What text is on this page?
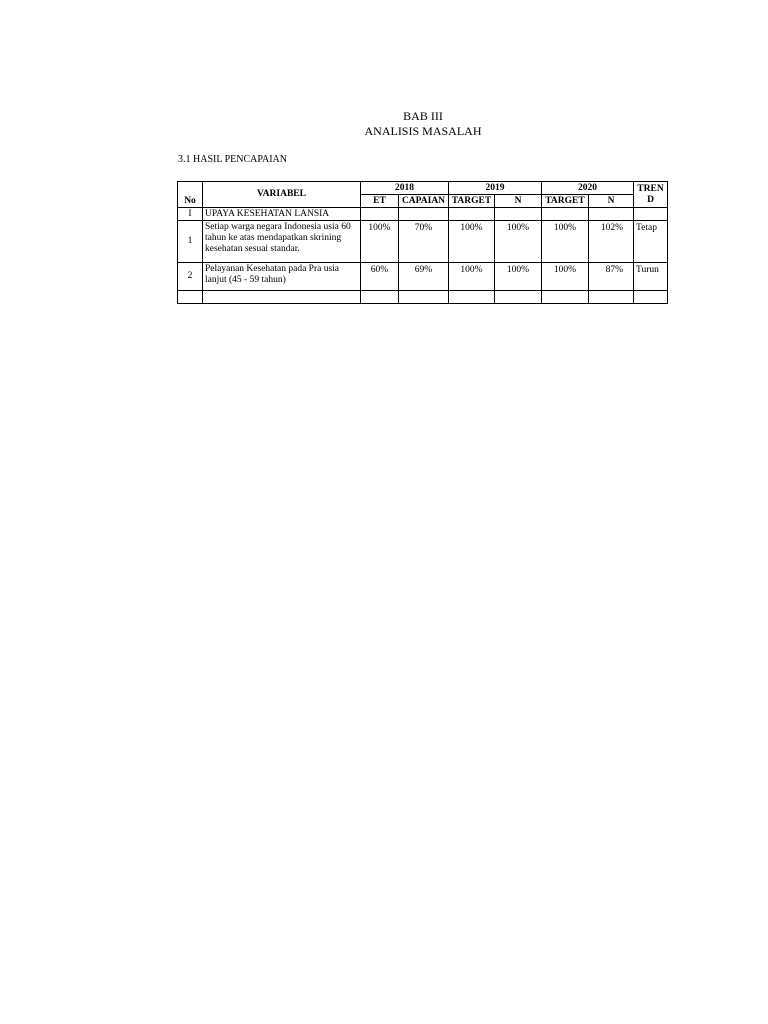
BAB III
ANALISIS MASALAH
3.1 HASIL PENCAPAIAN
No	VARIABEL	2018		2019		2020		TREN D
		ET	CAPAIAN	TARGET	N	TARGET	N	
I	UPAYA KESEHATAN LANSIA							
1	Setiap warga negara Indonesia usia 60 tahun ke atas mendapatkan skrining kesehatan sesuai standar.	100%	70%	100%	100%	100%	102%	Tetap
2	Pelayanan Kesehatan pada Pra usia lanjut (45 - 59 tahun)	60%	69%	100%	100%	100%	87%	Turun
